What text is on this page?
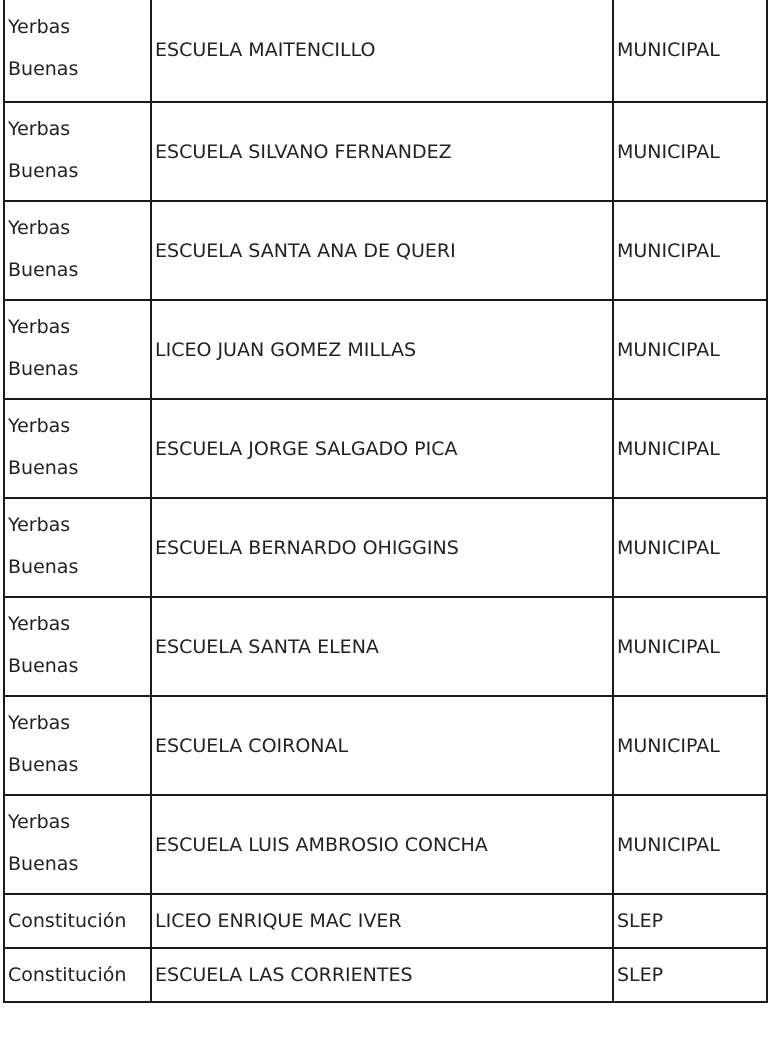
Yerbas
Buenas	ESCUELA MAITENCILLO	MUNICIPAL
Yerbas
Buenas	ESCUELA SILVANO FERNANDEZ	MUNICIPAL
Yerbas
Buenas	ESCUELA SANTA ANA DE QUERI	MUNICIPAL
Yerbas
Buenas	LICEO JUAN GOMEZ MILLAS	MUNICIPAL
Yerbas
Buenas	ESCUELA JORGE SALGADO PICA	MUNICIPAL
Yerbas
Buenas	ESCUELA BERNARDO OHIGGINS	MUNICIPAL
Yerbas
Buenas	ESCUELA SANTA ELENA	MUNICIPAL
Yerbas
Buenas	ESCUELA COIRONAL	MUNICIPAL
Yerbas
Buenas	ESCUELA LUIS AMBROSIO CONCHA	MUNICIPAL
Constitución	LICEO ENRIQUE MAC IVER	SLEP
Constitución	ESCUELA LAS CORRIENTES	SLEP
